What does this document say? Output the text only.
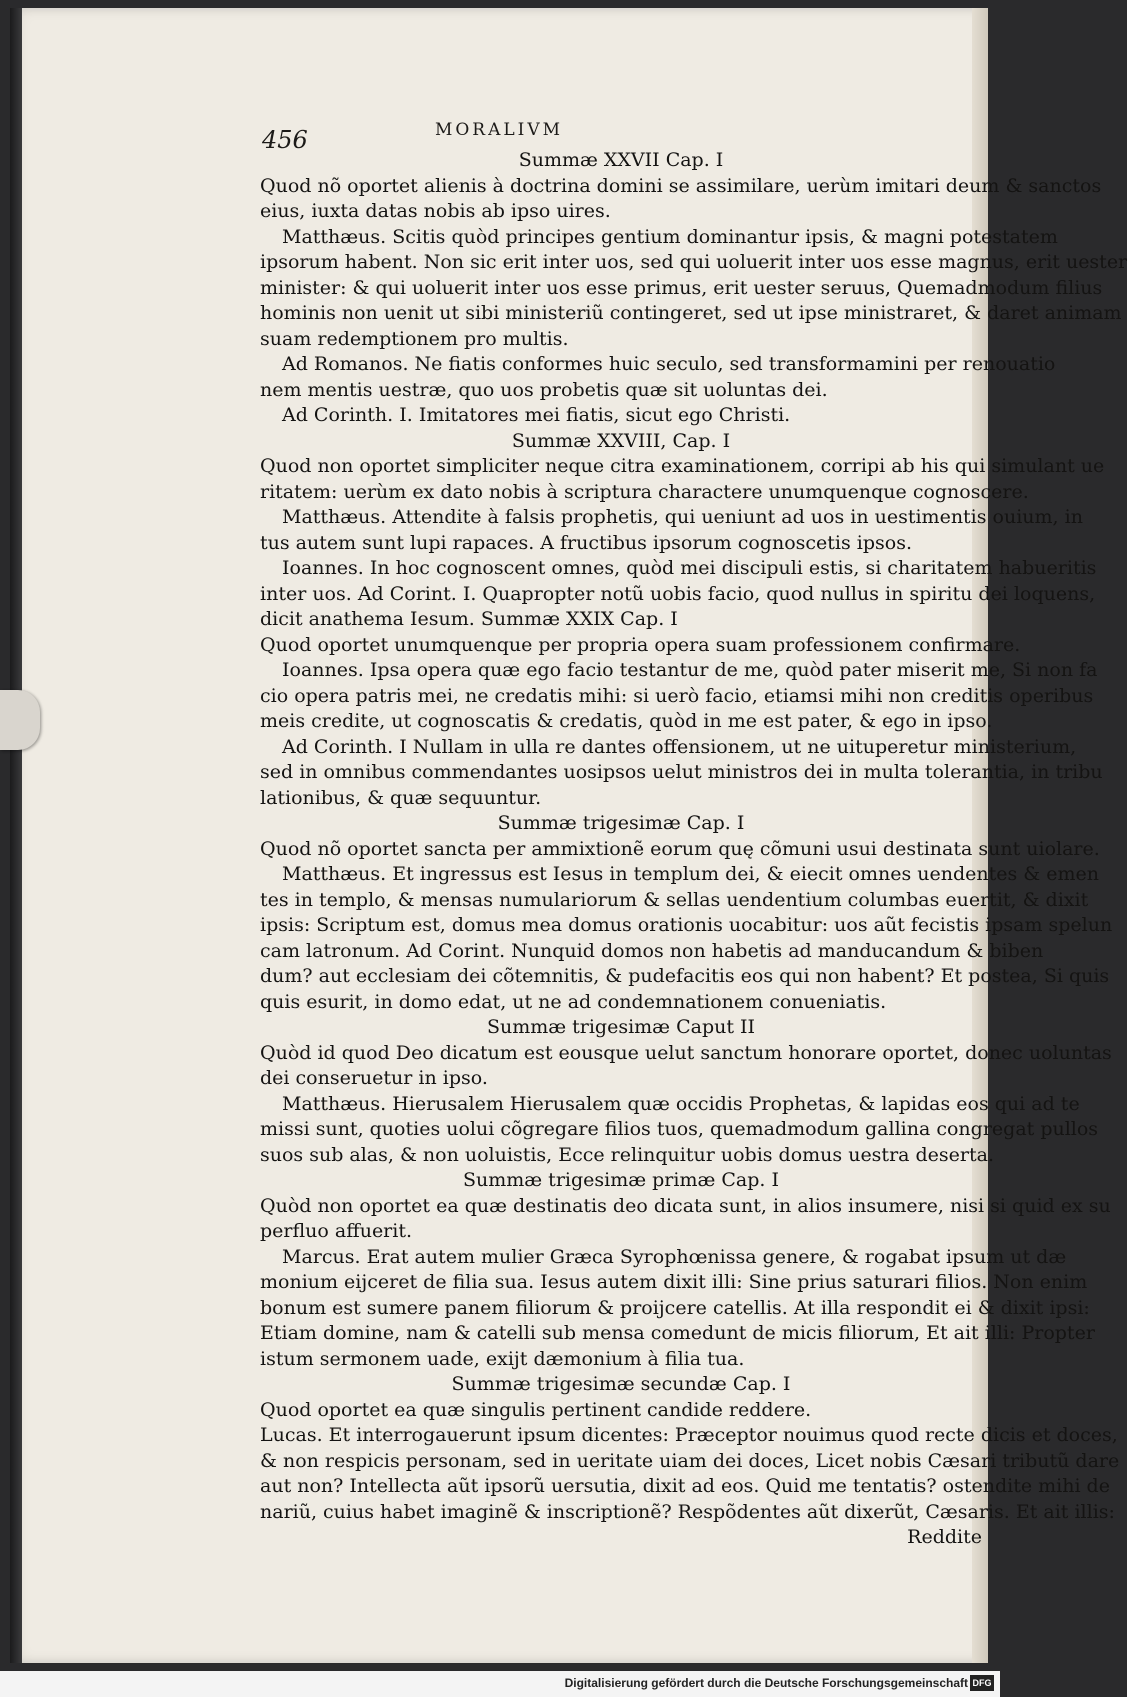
MORALIVM
456
Summæ XXVII Cap. I
Quod nõ oportet alienis à doctrina domini se assimilare, uerùm imitari deum & sanctos
eius, iuxta datas nobis ab ipso uires.
Matthæus. Scitis quòd principes gentium dominantur ipsis, & magni potestatem
ipsorum habent. Non sic erit inter uos, sed qui uoluerit inter uos esse magnus, erit uester
minister: & qui uoluerit inter uos esse primus, erit uester seruus, Quemadmodum filius
hominis non uenit ut sibi ministeriũ contingeret, sed ut ipse ministraret, & daret animam
suam redemptionem pro multis.
Ad Romanos. Ne fiatis conformes huic seculo, sed transformamini per renouatio
nem mentis uestræ, quo uos probetis quæ sit uoluntas dei.
Ad Corinth. I. Imitatores mei fiatis, sicut ego Christi.
Summæ XXVIII, Cap. I
Quod non oportet simpliciter neque citra examinationem, corripi ab his qui simulant ue
ritatem: uerùm ex dato nobis à scriptura charactere unumquenque cognoscere.
Matthæus. Attendite à falsis prophetis, qui ueniunt ad uos in uestimentis ouium, in
tus autem sunt lupi rapaces. A fructibus ipsorum cognoscetis ipsos.
Ioannes. In hoc cognoscent omnes, quòd mei discipuli estis, si charitatem habueritis
inter uos. Ad Corint. I. Quapropter notũ uobis facio, quod nullus in spiritu dei loquens,
dicit anathema Iesum. Summæ XXIX Cap. I
Quod oportet unumquenque per propria opera suam professionem confirmare.
Ioannes. Ipsa opera quæ ego facio testantur de me, quòd pater miserit me, Si non fa
cio opera patris mei, ne credatis mihi: si uerò facio, etiamsi mihi non creditis operibus
meis credite, ut cognoscatis & credatis, quòd in me est pater, & ego in ipso.
Ad Corinth. I Nullam in ulla re dantes offensionem, ut ne uituperetur ministerium,
sed in omnibus commendantes uosipsos uelut ministros dei in multa tolerantia, in tribu
lationibus, & quæ sequuntur.
Summæ trigesimæ Cap. I
Quod nõ oportet sancta per ammixtionẽ eorum quę cõmuni usui destinata sunt uiolare.
Matthæus. Et ingressus est Iesus in templum dei, & eiecit omnes uendentes & emen
tes in templo, & mensas numulariorum & sellas uendentium columbas euertit, & dixit
ipsis: Scriptum est, domus mea domus orationis uocabitur: uos aũt fecistis ipsam spelun
cam latronum. Ad Corint. Nunquid domos non habetis ad manducandum & biben
dum? aut ecclesiam dei cõtemnitis, & pudefacitis eos qui non habent? Et postea, Si quis
quis esurit, in domo edat, ut ne ad condemnationem conueniatis.
Summæ trigesimæ Caput II
Quòd id quod Deo dicatum est eousque uelut sanctum honorare oportet, donec uoluntas
dei conseruetur in ipso.
Matthæus. Hierusalem Hierusalem quæ occidis Prophetas, & lapidas eos qui ad te
missi sunt, quoties uolui cõgregare filios tuos, quemadmodum gallina congregat pullos
suos sub alas, & non uoluistis, Ecce relinquitur uobis domus uestra deserta.
Summæ trigesimæ primæ Cap. I
Quòd non oportet ea quæ destinatis deo dicata sunt, in alios insumere, nisi si quid ex su
perfluo affuerit.
Marcus. Erat autem mulier Græca Syrophœnissa genere, & rogabat ipsum ut dæ
monium eijceret de filia sua. Iesus autem dixit illi: Sine prius saturari filios. Non enim
bonum est sumere panem filiorum & proijcere catellis. At illa respondit ei & dixit ipsi:
Etiam domine, nam & catelli sub mensa comedunt de micis filiorum, Et ait illi: Propter
istum sermonem uade, exijt dæmonium à filia tua.
Summæ trigesimæ secundæ Cap. I
Quod oportet ea quæ singulis pertinent candide reddere.
Lucas. Et interrogauerunt ipsum dicentes: Præceptor nouimus quod recte dicis et doces,
& non respicis personam, sed in ueritate uiam dei doces, Licet nobis Cæsari tributũ dare
aut non? Intellecta aũt ipsorũ uersutia, dixit ad eos. Quid me tentatis? ostendite mihi de
nariũ, cuius habet imaginẽ & inscriptionẽ? Respõdentes aũt dixerũt, Cæsaris. Et ait illis:
Reddite
Digitalisierung gefördert durch die Deutsche Forschungsgemeinschaft DFG
